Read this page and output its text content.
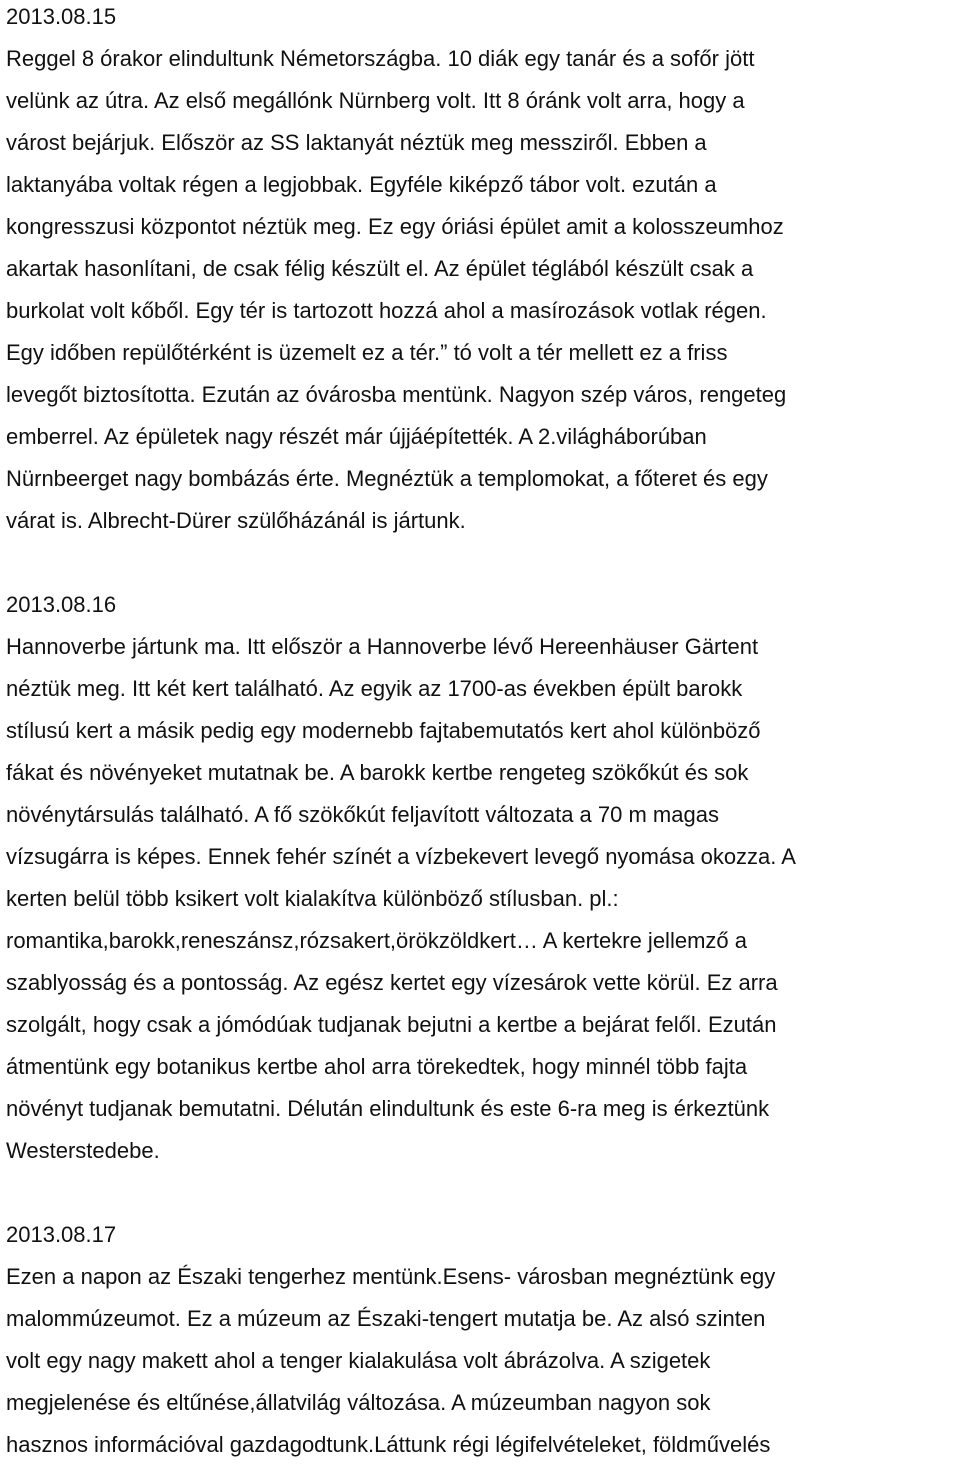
2013.08.15
Reggel 8 órakor elindultunk Németországba. 10 diák egy tanár és a sofőr jött
velünk az útra. Az első megállónk Nürnberg volt. Itt 8 óránk volt arra, hogy a
várost bejárjuk. Először az SS laktanyát néztük meg messziről. Ebben a
laktanyába voltak régen a legjobbak. Egyféle kiképző tábor volt. ezután a
kongresszusi központot néztük meg. Ez egy óriási épület amit a kolosszeumhoz
akartak hasonlítani, de csak félig készült el. Az épület téglából készült csak a
burkolat volt kőből. Egy tér is tartozott hozzá ahol a masírozások votlak régen.
Egy időben repülőtérként is üzemelt ez a tér.” tó volt a tér mellett ez a friss
levegőt biztosította. Ezután az óvárosba mentünk. Nagyon szép város, rengeteg
emberrel. Az épületek nagy részét már újjáépítették. A 2.világháborúban
Nürnbeerget nagy bombázás érte. Megnéztük a templomokat, a főteret és egy
várat is. Albrecht-Dürer szülőházánál is jártunk.
2013.08.16
Hannoverbe jártunk ma. Itt először a Hannoverbe lévő Hereenhäuser Gärtent
néztük meg. Itt két kert található. Az egyik az 1700-as években épült barokk
stílusú kert a másik pedig egy modernebb fajtabemutatós kert ahol különböző
fákat és növényeket mutatnak be. A barokk kertbe rengeteg szökőkút és sok
növénytársulás található. A fő szökőkút feljavított változata a 70 m magas
vízsugárra is képes. Ennek fehér színét a vízbekevert levegő nyomása okozza. A
kerten belül több ksikert volt kialakítva különböző stílusban. pl.:
romantika,barokk,reneszánsz,rózsakert,örökzöldkert… A kertekre jellemző a
szablyosság és a pontosság. Az egész kertet egy vízesárok vette körül. Ez arra
szolgált, hogy csak a jómódúak tudjanak bejutni a kertbe a bejárat felől. Ezután
átmentünk egy botanikus kertbe ahol arra törekedtek, hogy minnél több fajta
növényt tudjanak bemutatni. Délután elindultunk és este 6-ra meg is érkeztünk
Westerstedebe.
2013.08.17
Ezen a napon az Északi tengerhez mentünk.Esens- városban megnéztünk egy
malommúzeumot. Ez a múzeum az Északi-tengert mutatja be. Az alsó szinten
volt egy nagy makett ahol a tenger kialakulása volt ábrázolva. A szigetek
megjelenése és eltűnése,állatvilág változása. A múzeumban nagyon sok
hasznos információval gazdagodtunk.Láttunk régi légifelvételeket, földművelés
